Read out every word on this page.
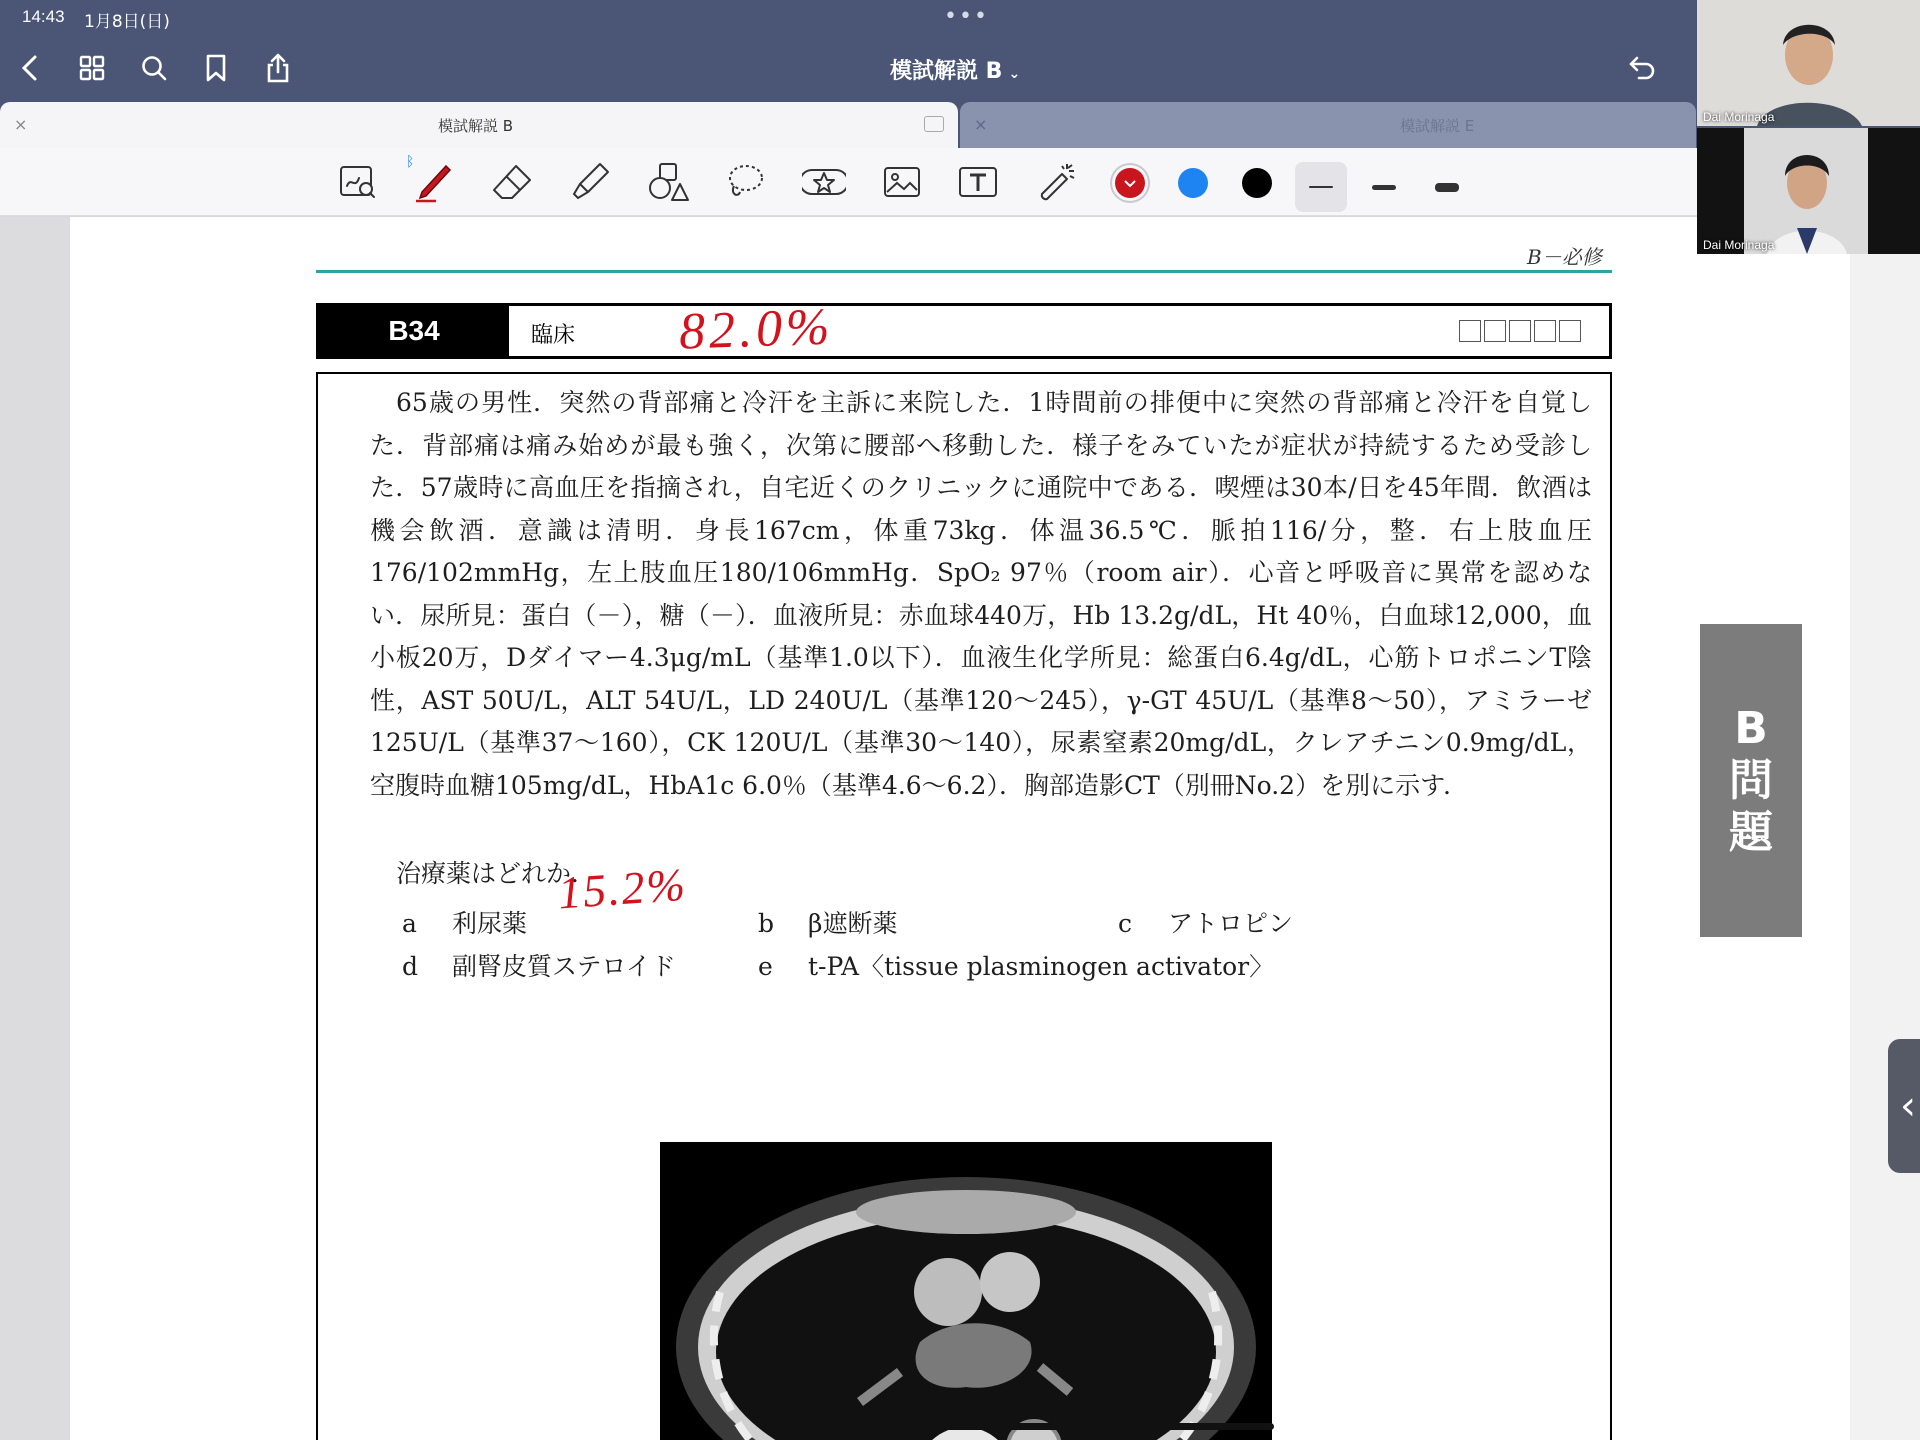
14:43 1月8日(日)	•••
模試解説 B ⌄
×	模試解説 B	×	模試解説 E
ᛒ
B－必修
B34	臨床 82.0%
65歳の男性．突然の背部痛と冷汗を主訴に来院した．1時間前の排便中に突然の背部痛と冷汗を自覚した．背部痛は痛み始めが最も強く，次第に腰部へ移動した．様子をみていたが症状が持続するため受診した．57歳時に高血圧を指摘され，自宅近くのクリニックに通院中である．喫煙は30本/日を45年間．飲酒は機会飲酒．意識は清明．身長167cm，体重73kg．体温36.5℃．脈拍116/分，整．右上肢血圧176/102mmHg，左上肢血圧180/106mmHg．SpO₂ 97％（room air）．心音と呼吸音に異常を認めない．尿所見：蛋白（－），糖（－）．血液所見：赤血球440万，Hb 13.2g/dL，Ht 40％，白血球12,000，血小板20万，Dダイマー4.3μg/mL（基準1.0以下）．血液生化学所見：総蛋白6.4g/dL，心筋トロポニンT陰性，AST 50U/L，ALT 54U/L，LD 240U/L（基準120～245），γ-GT 45U/L（基準8～50），アミラーゼ125U/L（基準37～160），CK 120U/L（基準30～140），尿素窒素20mg/dL，クレアチニン0.9mg/dL，空腹時血糖105mg/dL，HbA1c 6.0％（基準4.6～6.2）．胸部造影CT（別冊No.2）を別に示す．
治療薬はどれか．
15.2%
a 利尿薬	b β遮断薬	c アトロピン
d 副腎皮質ステロイド	e t-PA〈tissue plasminogen activator〉
B
問
題
‹
Dai Morinaga
Dai Morinaga
